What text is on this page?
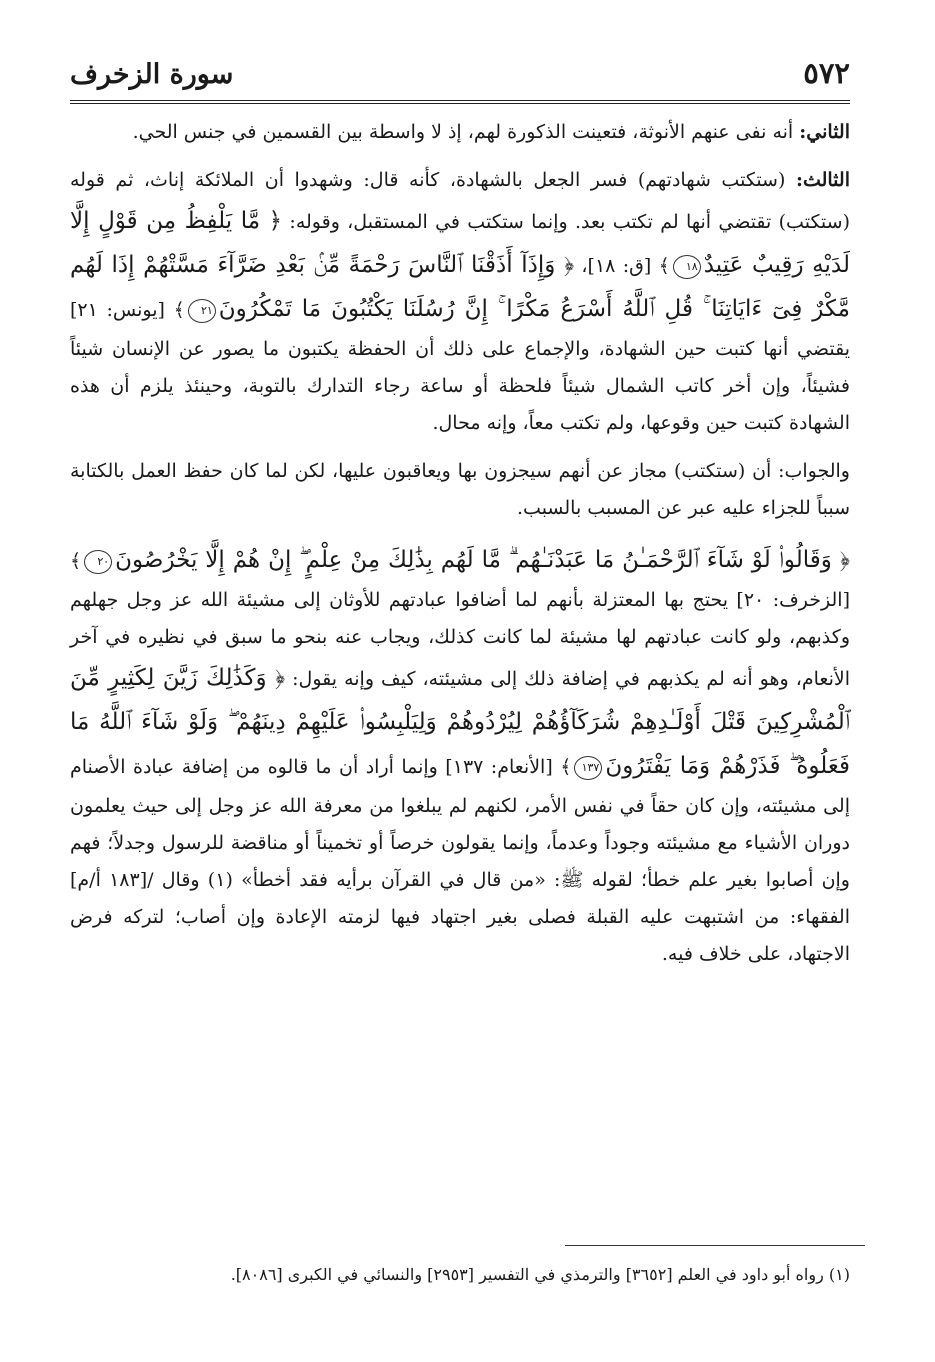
٥٧٢
سورة الزخرف

الثاني: أنه نفى عنهم الأنوثة، فتعينت الذكورة لهم، إذ لا واسطة بين القسمين في جنس الحي.

الثالث: (ستكتب شهادتهم) فسر الجعل بالشهادة، كأنه قال: وشهدوا أن الملائكة إناث، ثم قوله (ستكتب) تقتضي أنها لم تكتب بعد. وإنما ستكتب في المستقبل، وقوله: ﴿ مَّا يَلْفِظُ مِن قَوْلٍ إِلَّا لَدَيْهِ رَقِيبٌ عَتِيدٌ١٨﴾ [ق: ١٨]، ﴿ وَإِذَآ أَذَقْنَا ٱلنَّاسَ رَحْمَةً مِّنۢ بَعْدِ ضَرَّآءَ مَسَّتْهُمْ إِذَا لَهُم مَّكْرٌ فِىٓ ءَايَاتِنَا ۚ قُلِ ٱللَّهُ أَسْرَعُ مَكْرًا ۚ إِنَّ رُسُلَنَا يَكْتُبُونَ مَا تَمْكُرُونَ٢١﴾ [يونس: ٢١] يقتضي أنها كتبت حين الشهادة، والإجماع على ذلك أن الحفظة يكتبون ما يصور عن الإنسان شيئاً فشيئاً، وإن أخر كاتب الشمال شيئاً فلحظة أو ساعة رجاء التدارك بالتوبة، وحينئذ يلزم أن هذه الشهادة كتبت حين وقوعها، ولم تكتب معاً، وإنه محال.

والجواب: أن (ستكتب) مجاز عن أنهم سيجزون بها ويعاقبون عليها، لكن لما كان حفظ العمل بالكتابة سبباً للجزاء عليه عبر عن المسبب بالسبب.

﴿ وَقَالُوا۟ لَوْ شَآءَ ٱلرَّحْمَـٰنُ مَا عَبَدْنَـٰهُم ۗ مَّا لَهُم بِذَٰلِكَ مِنْ عِلْمٍ ۖ إِنْ هُمْ إِلَّا يَخْرُصُونَ٢٠﴾ [الزخرف: ٢٠] يحتج بها المعتزلة بأنهم لما أضافوا عبادتهم للأوثان إلى مشيئة الله عز وجل جهلهم وكذبهم، ولو كانت عبادتهم لها مشيئة لما كانت كذلك، ويجاب عنه بنحو ما سبق في نظيره في آخر الأنعام، وهو أنه لم يكذبهم في إضافة ذلك إلى مشيئته، كيف وإنه يقول: ﴿ وَكَذَٰلِكَ زَيَّنَ لِكَثِيرٍ مِّنَ ٱلْمُشْرِكِينَ قَتْلَ أَوْلَـٰدِهِمْ شُرَكَآؤُهُمْ لِيُرْدُوهُمْ وَلِيَلْبِسُوا۟ عَلَيْهِمْ دِينَهُمْ ۖ وَلَوْ شَآءَ ٱللَّهُ مَا فَعَلُوهُ ۖ فَذَرْهُمْ وَمَا يَفْتَرُونَ١٣٧﴾ [الأنعام: ١٣٧] وإنما أراد أن ما قالوه من إضافة عبادة الأصنام إلى مشيئته، وإن كان حقاً في نفس الأمر، لكنهم لم يبلغوا من معرفة الله عز وجل إلى حيث يعلمون دوران الأشياء مع مشيئته وجوداً وعدماً، وإنما يقولون خرصاً أو تخميناً أو مناقضة للرسول وجدلاً؛ فهم وإن أصابوا بغير علم خطأ؛ لقوله ﷺ: «من قال في القرآن برأيه فقد أخطأ» (١) وقال /[١٨٣ أ/م] الفقهاء: من اشتبهت عليه القبلة فصلى بغير اجتهاد فيها لزمته الإعادة وإن أصاب؛ لتركه فرض الاجتهاد، على خلاف فيه.

(١) رواه أبو داود في العلم [٣٦٥٢] والترمذي في التفسير [٢٩٥٣] والنسائي في الكبرى [٨٠٨٦].
